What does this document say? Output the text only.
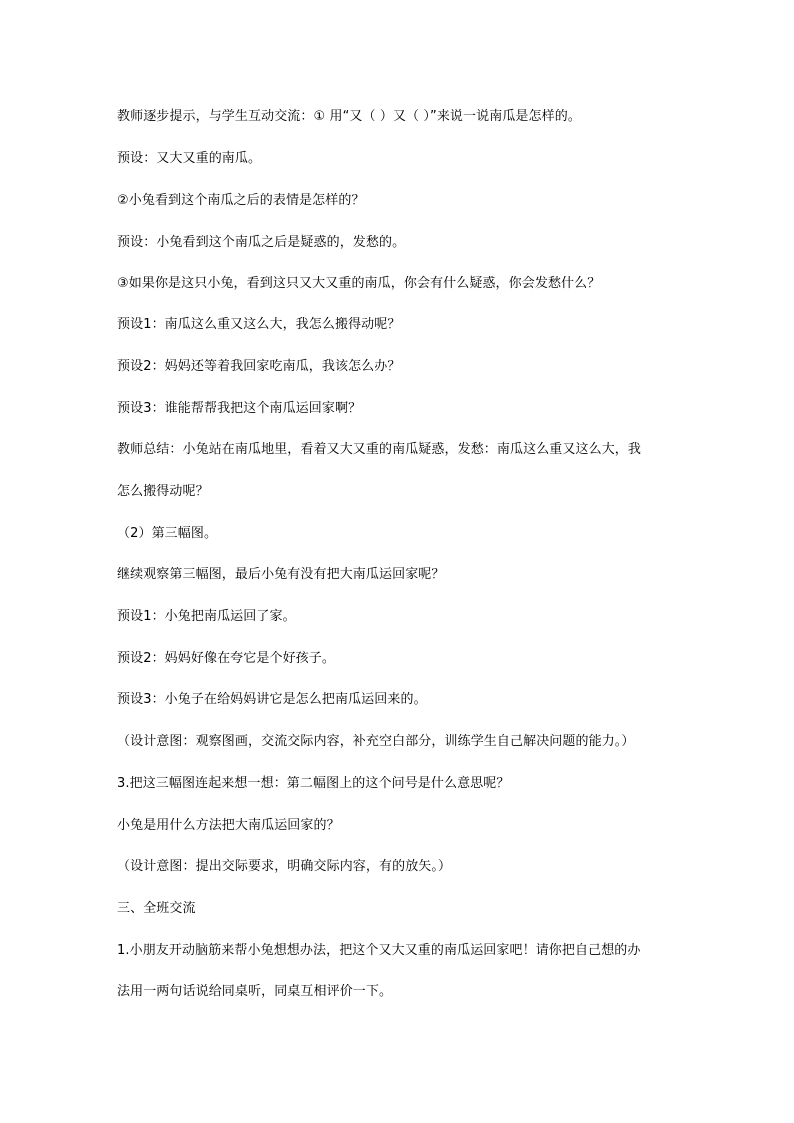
教师逐步提示，与学生互动交流：① 用“又（ ）又（ ）”来说一说南瓜是怎样的。
预设：又大又重的南瓜。
②小兔看到这个南瓜之后的表情是怎样的？
预设：小兔看到这个南瓜之后是疑惑的，发愁的。
③如果你是这只小兔，看到这只又大又重的南瓜，你会有什么疑惑，你会发愁什么？
预设1：南瓜这么重又这么大，我怎么搬得动呢？
预设2：妈妈还等着我回家吃南瓜，我该怎么办？
预设3：谁能帮帮我把这个南瓜运回家啊？
教师总结：小兔站在南瓜地里，看着又大又重的南瓜疑惑，发愁：南瓜这么重又这么大，我
怎么搬得动呢？
（2）第三幅图。
继续观察第三幅图，最后小兔有没有把大南瓜运回家呢？
预设1：小兔把南瓜运回了家。
预设2：妈妈好像在夸它是个好孩子。
预设3：小兔子在给妈妈讲它是怎么把南瓜运回来的。
（设计意图：观察图画，交流交际内容，补充空白部分，训练学生自己解决问题的能力。）
3.把这三幅图连起来想一想：第二幅图上的这个问号是什么意思呢？
小兔是用什么方法把大南瓜运回家的？
（设计意图：提出交际要求，明确交际内容，有的放矢。）
三、全班交流
1.小朋友开动脑筋来帮小兔想想办法，把这个又大又重的南瓜运回家吧！请你把自己想的办
法用一两句话说给同桌听，同桌互相评价一下。
